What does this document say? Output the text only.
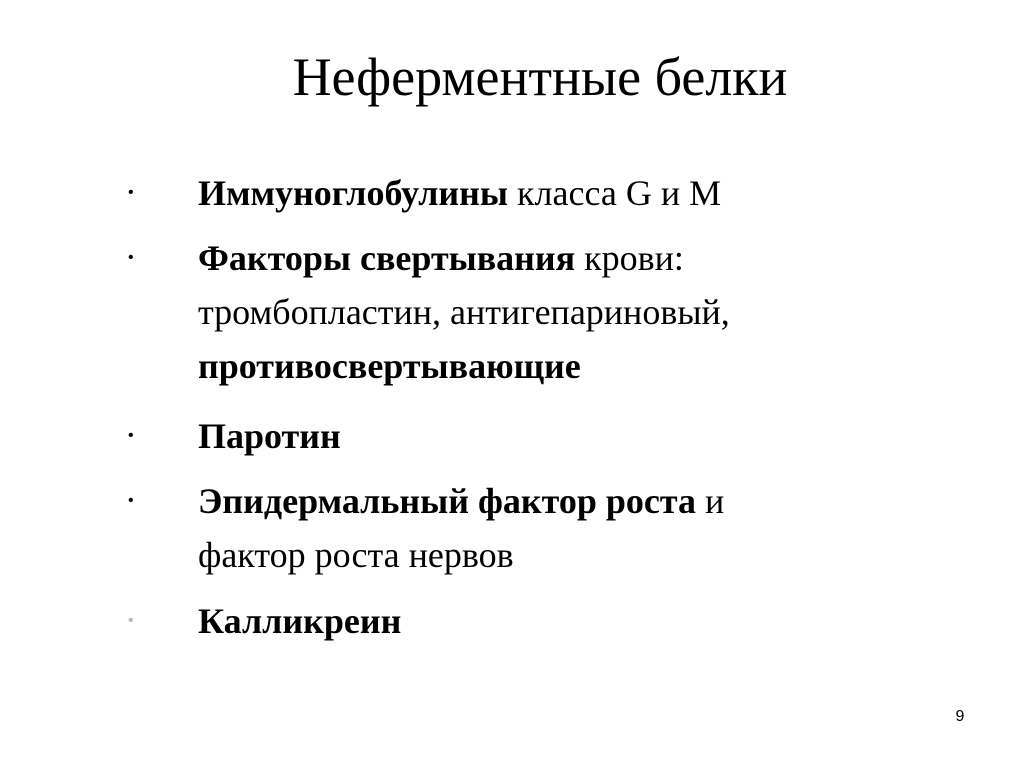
Неферментные белки
• Иммуноглобулины класса G и М
• Факторы свертывания крови:
тромбопластин, антигепариновый,
противосвертывающие
• Паротин
• Эпидермальный фактор роста и
фактор роста нервов
• Калликреин
9
